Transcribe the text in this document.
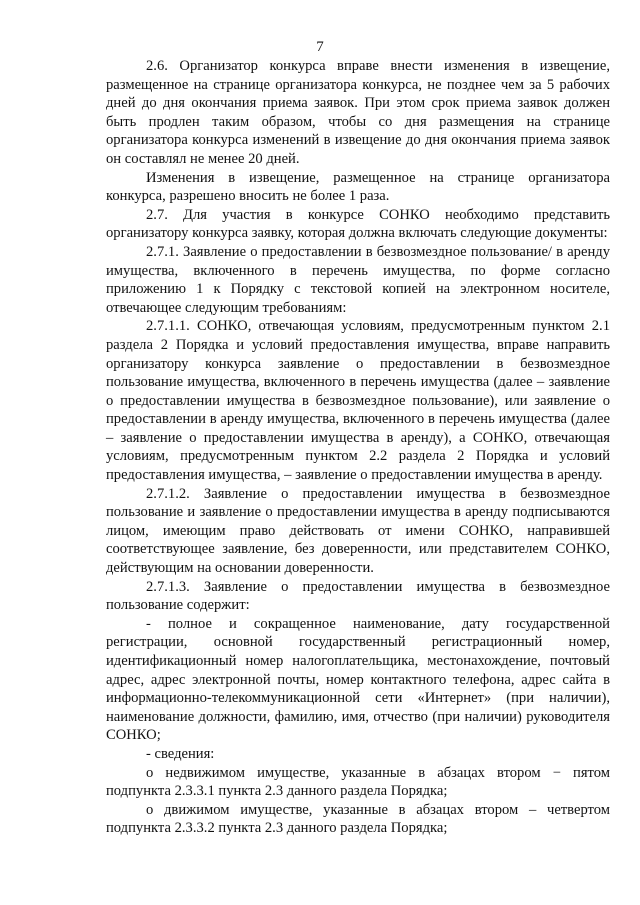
7

2.6. Организатор конкурса вправе внести изменения в извещение, размещенное на странице организатора конкурса, не позднее чем за 5 рабочих дней до дня окончания приема заявок. При этом срок приема заявок должен быть продлен таким образом, чтобы со дня размещения на странице организатора конкурса изменений в извещение до дня окончания приема заявок он составлял не менее 20 дней.

Изменения в извещение, размещенное на странице организатора конкурса, разрешено вносить не более 1 раза.

2.7. Для участия в конкурсе СОНКО необходимо представить организатору конкурса заявку, которая должна включать следующие документы:

2.7.1. Заявление о предоставлении в безвозмездное пользование/ в аренду имущества, включенного в перечень имущества, по форме согласно приложению 1 к Порядку с текстовой копией на электронном носителе, отвечающее следующим требованиям:

2.7.1.1. СОНКО, отвечающая условиям, предусмотренным пунктом 2.1 раздела 2 Порядка и условий предоставления имущества, вправе направить организатору конкурса заявление о предоставлении в безвозмездное пользование имущества, включенного в перечень имущества (далее – заявление о предоставлении имущества в безвозмездное пользование), или заявление о предоставлении в аренду имущества, включенного в перечень имущества (далее – заявление о предоставлении имущества в аренду), а СОНКО, отвечающая условиям, предусмотренным пунктом 2.2 раздела 2 Порядка и условий предоставления имущества, – заявление о предоставлении имущества в аренду.

2.7.1.2. Заявление о предоставлении имущества в безвозмездное пользование и заявление о предоставлении имущества в аренду подписываются лицом, имеющим право действовать от имени СОНКО, направившей соответствующее заявление, без доверенности, или представителем СОНКО, действующим на основании доверенности.

2.7.1.3. Заявление о предоставлении имущества в безвозмездное пользование содержит:

- полное и сокращенное наименование, дату государственной регистрации, основной государственный регистрационный номер, идентификационный номер налогоплательщика, местонахождение, почтовый адрес, адрес электронной почты, номер контактного телефона, адрес сайта в информационно-телекоммуникационной сети «Интернет» (при наличии), наименование должности, фамилию, имя, отчество (при наличии) руководителя СОНКО;

- сведения:

о недвижимом имуществе, указанные в абзацах втором − пятом подпункта 2.3.3.1 пункта 2.3 данного раздела Порядка;

о движимом имуществе, указанные в абзацах втором – четвертом подпункта 2.3.3.2 пункта 2.3 данного раздела Порядка;
